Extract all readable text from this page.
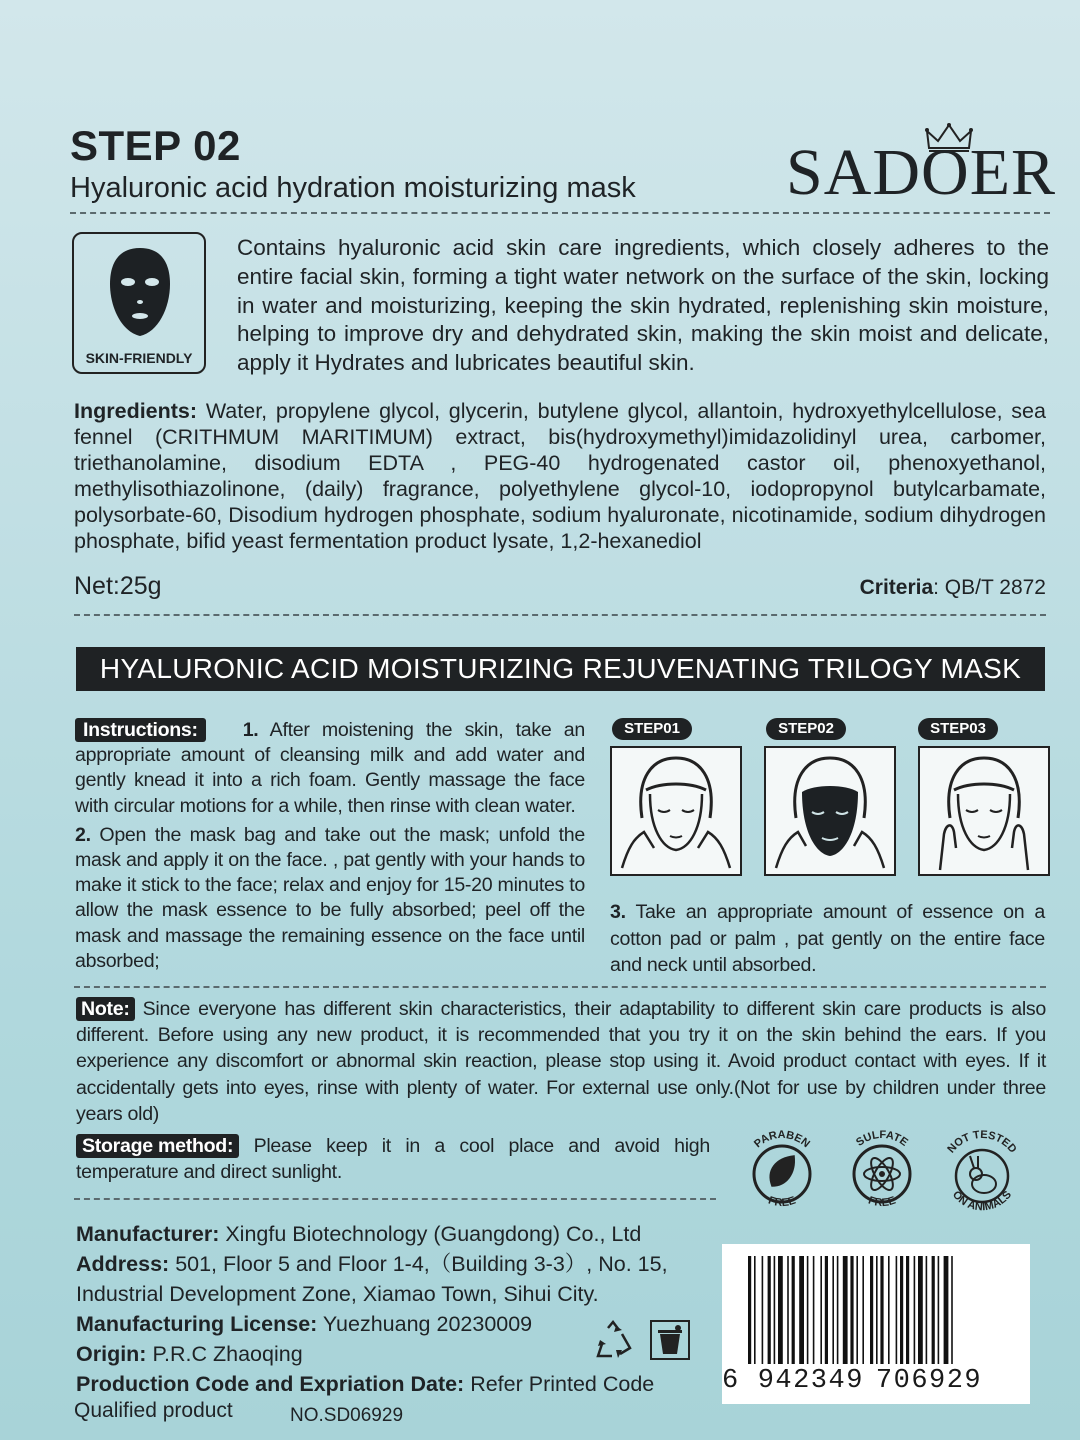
STEP 02
Hyaluronic acid hydration moisturizing mask SADOER
SKIN-FRIENDLY
Contains hyaluronic acid skin care ingredients, which closely adheres to the entire facial skin, forming a tight water network on the surface of the skin, locking in water and moisturizing, keeping the skin hydrated, replenishing skin moisture, helping to improve dry and dehydrated skin, making the skin moist and delicate, apply it Hydrates and lubricates beautiful skin.
Ingredients: Water, propylene glycol, glycerin, butylene glycol, allantoin, hydroxyethylcellulose, sea fennel (CRITHMUM MARITIMUM) extract, bis(hydroxymethyl)imidazolidinyl urea, carbomer, triethanolamine, disodium EDTA , PEG-40 hydrogenated castor oil, phenoxyethanol, methylisothiazolinone, (daily) fragrance, polyethylene glycol-10, iodopropynol butylcarbamate, polysorbate-60, Disodium hydrogen phosphate, sodium hyaluronate, nicotinamide, sodium dihydrogen phosphate, bifid yeast fermentation product lysate, 1,2-hexanediol
Net:25g	Criteria: QB/T 2872
HYALURONIC ACID MOISTURIZING REJUVENATING TRILOGY MASK
Instructions: 1. After moistening the skin, take an appropriate amount of cleansing milk and add water and gently knead it into a rich foam. Gently massage the face with circular motions for a while, then rinse with clean water.
2. Open the mask bag and take out the mask; unfold the mask and apply it on the face. , pat gently with your hands to make it stick to the face; relax and enjoy for 15-20 minutes to allow the mask essence to be fully absorbed; peel off the mask and massage the remaining essence on the face until absorbed;
STEP01	STEP02	STEP03
3. Take an appropriate amount of essence on a cotton pad or palm , pat gently on the entire face and neck until absorbed.
Note: Since everyone has different skin characteristics, their adaptability to different skin care products is also different. Before using any new product, it is recommended that you try it on the skin behind the ears. If you experience any discomfort or abnormal skin reaction, please stop using it. Avoid product contact with eyes. If it accidentally gets into eyes, rinse with plenty of water. For external use only.(Not for use by children under three years old)
Storage method: Please keep it in a cool place and avoid high temperature and direct sunlight.
PARABEN
FREE
SULFATE
FREE
NOT TESTED
ON ANIMALS
Manufacturer: Xingfu Biotechnology (Guangdong) Co., Ltd
Address: 501, Floor 5 and Floor 1-4,（Building 3-3）, No. 15, Industrial Development Zone, Xiamao Town, Sihui City.
Manufacturing License: Yuezhuang 20230009
Origin: P.R.C Zhaoqing
Production Code and Expriation Date: Refer Printed Code
Qualified product	NO.SD06929
6 942349 706929
